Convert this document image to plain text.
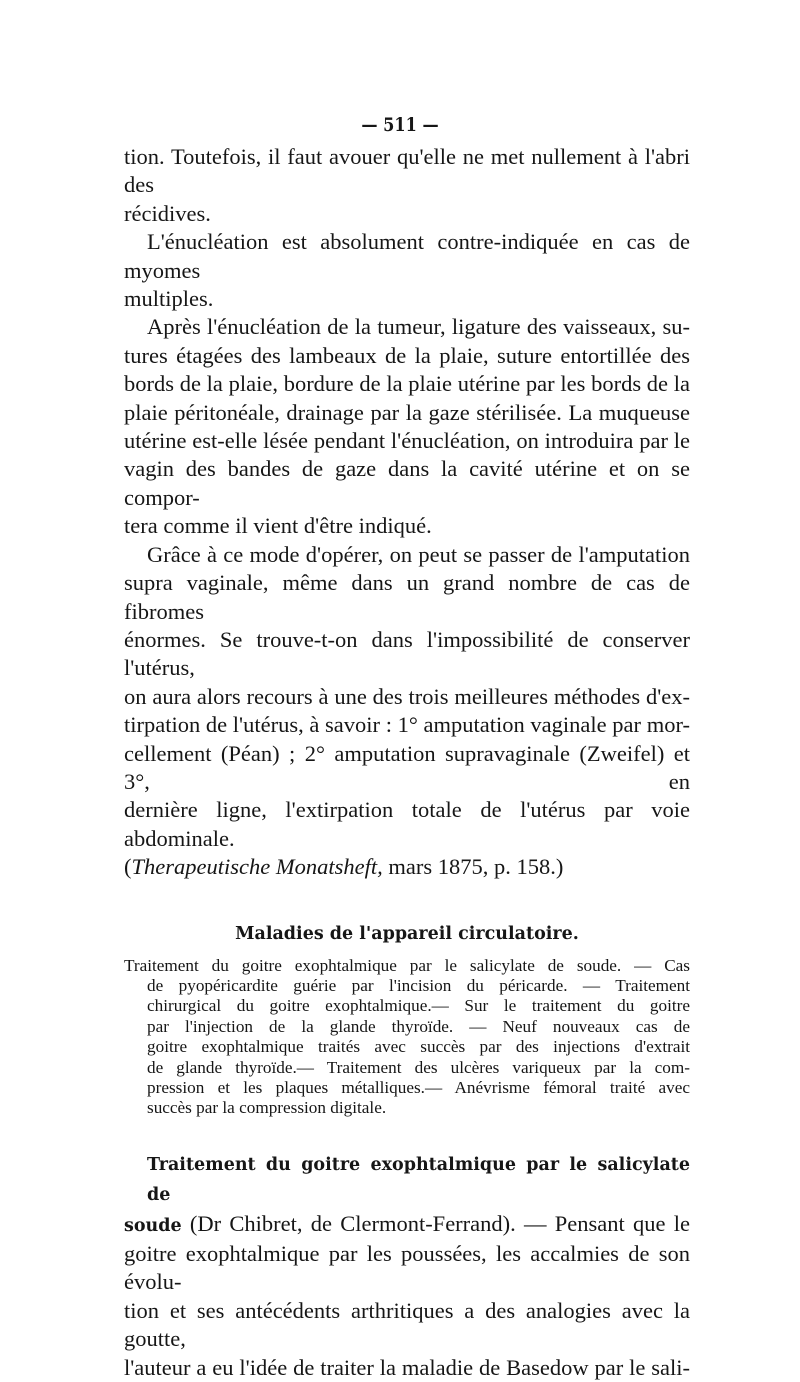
— 511 —

tion. Toutefois, il faut avouer qu'elle ne met nullement à l'abri des
récidives.

L'énucléation est absolument contre-indiquée en cas de myomes
multiples.

Après l'énucléation de la tumeur, ligature des vaisseaux, su-
tures étagées des lambeaux de la plaie, suture entortillée des
bords de la plaie, bordure de la plaie utérine par les bords de la
plaie péritonéale, drainage par la gaze stérilisée. La muqueuse
utérine est-elle lésée pendant l'énucléation, on introduira par le
vagin des bandes de gaze dans la cavité utérine et on se compor-
tera comme il vient d'être indiqué.

Grâce à ce mode d'opérer, on peut se passer de l'amputation
supra vaginale, même dans un grand nombre de cas de fibromes
énormes. Se trouve-t-on dans l'impossibilité de conserver l'utérus,
on aura alors recours à une des trois meilleures méthodes d'ex-
tirpation de l'utérus, à savoir : 1° amputation vaginale par mor-
cellement (Péan) ; 2° amputation supravaginale (Zweifel) et 3°, en
dernière ligne, l'extirpation totale de l'utérus par voie abdominale.
(Therapeutische Monatsheft, mars 1875, p. 158.)

Maladies de l'appareil circulatoire.
Traitement du goitre exophtalmique par le salicylate de soude. — Cas
de pyopéricardite guérie par l'incision du péricarde. — Traitement
chirurgical du goitre exophtalmique.— Sur le traitement du goitre
par l'injection de la glande thyroïde. — Neuf nouveaux cas de
goitre exophtalmique traités avec succès par des injections d'extrait
de glande thyroïde.— Traitement des ulcères variqueux par la com-
pression et les plaques métalliques.— Anévrisme fémoral traité avec
succès par la compression digitale.

Traitement du goitre exophtalmique par le salicylate de
soude (Dr Chibret, de Clermont-Ferrand). — Pensant que le
goitre exophtalmique par les poussées, les accalmies de son évolu-
tion et ses antécédents arthritiques a des analogies avec la goutte,
l'auteur a eu l'idée de traiter la maladie de Basedow par le sali-
